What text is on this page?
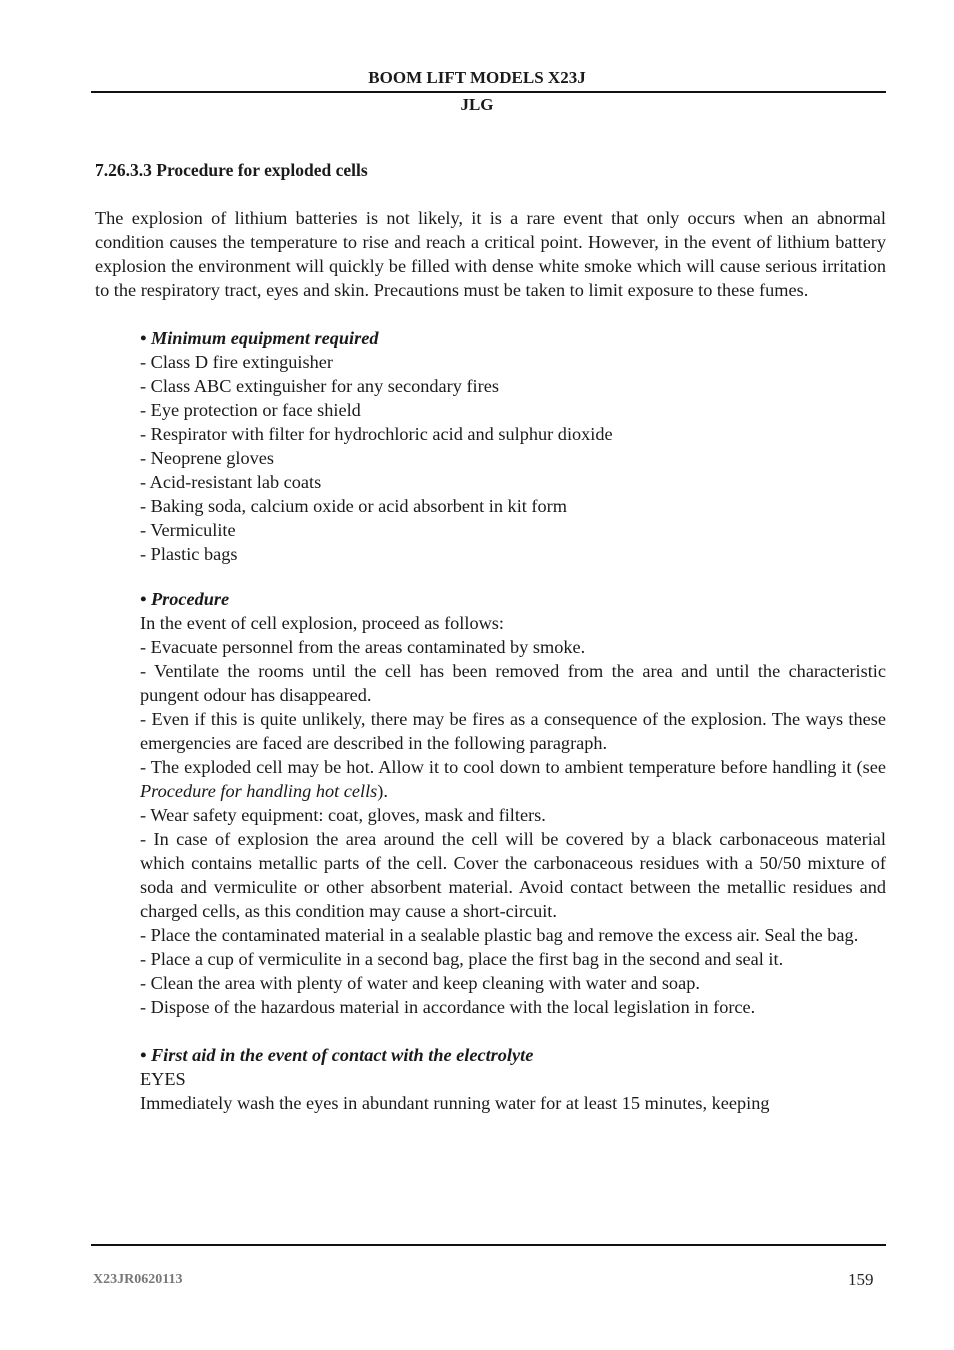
BOOM LIFT MODELS X23J
JLG
7.26.3.3 Procedure for exploded cells
The explosion of lithium batteries is not likely, it is a rare event that only occurs when an abnormal condition causes the temperature to rise and reach a critical point. However, in the event of lithium battery explosion the environment will quickly be filled with dense white smoke which will cause serious irritation to the respiratory tract, eyes and skin. Precautions must be taken to limit exposure to these fumes.
• Minimum equipment required
- Class D fire extinguisher
- Class ABC extinguisher for any secondary fires
- Eye protection or face shield
- Respirator with filter for hydrochloric acid and sulphur dioxide
- Neoprene gloves
- Acid-resistant lab coats
- Baking soda, calcium oxide or acid absorbent in kit form
- Vermiculite
- Plastic bags
• Procedure
In the event of cell explosion, proceed as follows:
- Evacuate personnel from the areas contaminated by smoke.
- Ventilate the rooms until the cell has been removed from the area and until the characteristic pungent odour has disappeared.
- Even if this is quite unlikely, there may be fires as a consequence of the explosion. The ways these emergencies are faced are described in the following paragraph.
- The exploded cell may be hot. Allow it to cool down to ambient temperature before handling it (see Procedure for handling hot cells).
- Wear safety equipment: coat, gloves, mask and filters.
- In case of explosion the area around the cell will be covered by a black carbonaceous material which contains metallic parts of the cell. Cover the carbonaceous residues with a 50/50 mixture of soda and vermiculite or other absorbent material. Avoid contact between the metallic residues and charged cells, as this condition may cause a short-circuit.
- Place the contaminated material in a sealable plastic bag and remove the excess air. Seal the bag.
- Place a cup of vermiculite in a second bag, place the first bag in the second and seal it.
- Clean the area with plenty of water and keep cleaning with water and soap.
- Dispose of the hazardous material in accordance with the local legislation in force.
• First aid in the event of contact with the electrolyte
EYES
Immediately wash the eyes in abundant running water for at least 15 minutes, keeping
X23JR0620113	159
